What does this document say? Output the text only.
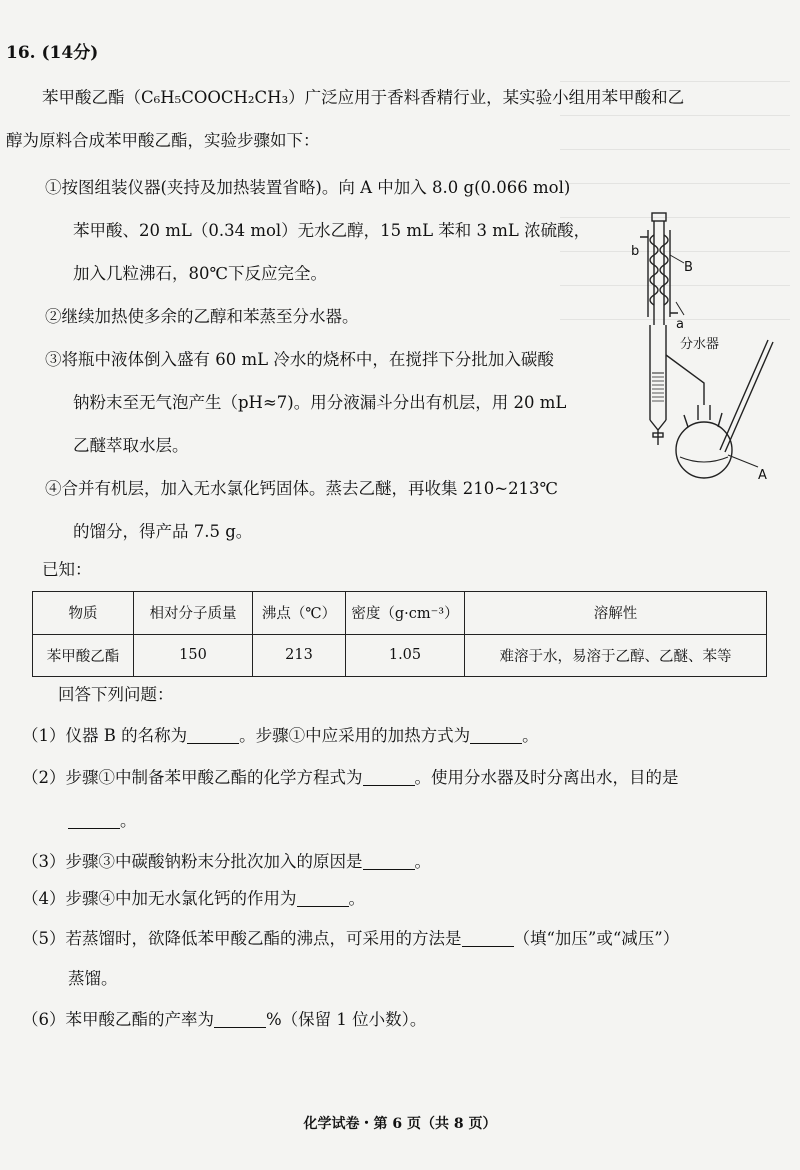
16. (14分)
苯甲酸乙酯（C₆H₅COOCH₂CH₃）广泛应用于香料香精行业，某实验小组用苯甲酸和乙
醇为原料合成苯甲酸乙酯，实验步骤如下：
①按图组装仪器(夹持及加热装置省略)。向 A 中加入 8.0 g(0.066 mol)
苯甲酸、20 mL（0.34 mol）无水乙醇，15 mL 苯和 3 mL 浓硫酸，
加入几粒沸石，80℃下反应完全。
②继续加热使多余的乙醇和苯蒸至分水器。
③将瓶中液体倒入盛有 60 mL 冷水的烧杯中，在搅拌下分批加入碳酸
钠粉末至无气泡产生（pH≈7)。用分液漏斗分出有机层，用 20 mL
乙醚萃取水层。
④合并有机层，加入无水氯化钙固体。蒸去乙醚，再收集 210~213℃
的馏分，得产品 7.5 g。
已知：
b
B
a
分水器
A
物质	相对分子质量	沸点（℃）	密度（g·cm⁻³）	溶解性
苯甲酸乙酯	150	213	1.05	难溶于水，易溶于乙醇、乙醚、苯等
回答下列问题：
（1）仪器 B 的名称为	。步骤①中应采用的加热方式为	。
（2）步骤①中制备苯甲酸乙酯的化学方程式为	。使用分水器及时分离出水，目的是
。
（3）步骤③中碳酸钠粉末分批次加入的原因是	。
（4）步骤④中加无水氯化钙的作用为	。
（5）若蒸馏时，欲降低苯甲酸乙酯的沸点，可采用的方法是	（填“加压”或“减压”）
蒸馏。
（6）苯甲酸乙酯的产率为	%（保留 1 位小数）。
化学试卷・第 6 页（共 8 页）
